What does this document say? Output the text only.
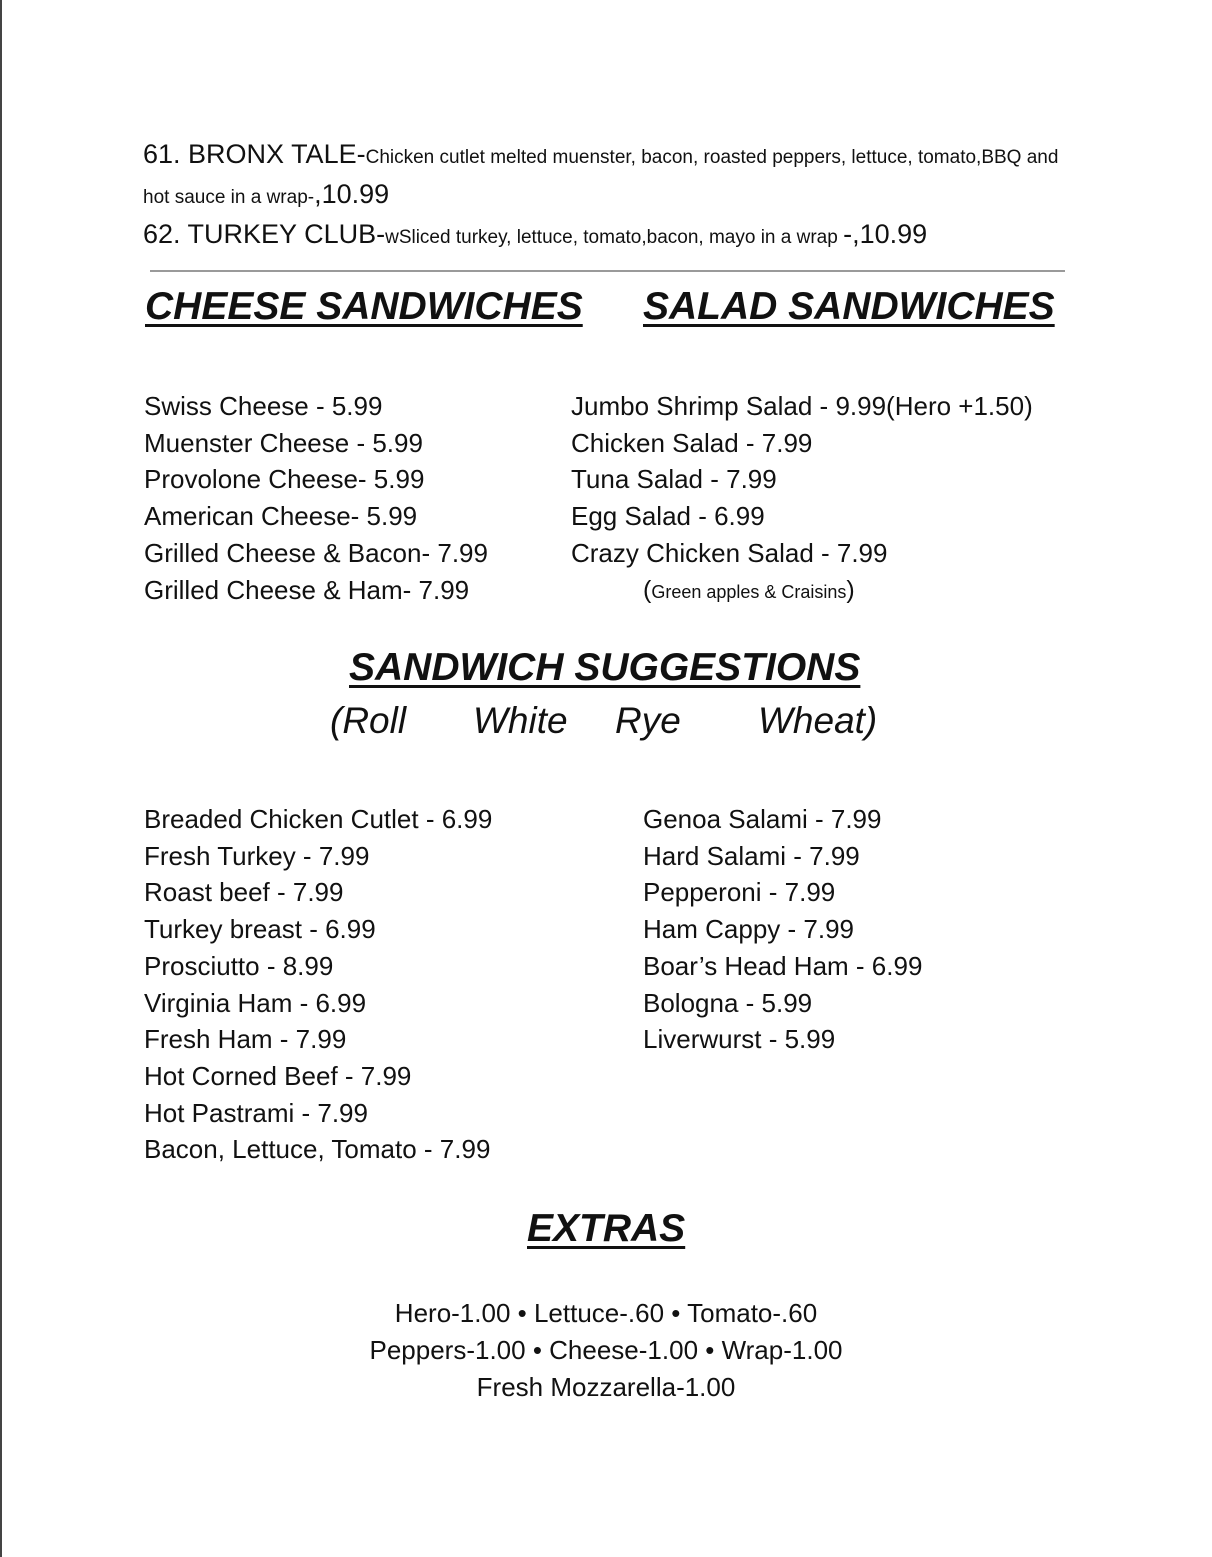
61. BRONX TALE-Chicken cutlet melted muenster, bacon, roasted peppers, lettuce, tomato,BBQ and hot sauce in a wrap-,10.99
62. TURKEY CLUB-wSliced turkey, lettuce, tomato,bacon, mayo in a wrap -,10.99
CHEESE SANDWICHES SALAD SANDWICHES
Swiss Cheese - 5.99
Muenster Cheese - 5.99
Provolone Cheese- 5.99
American Cheese- 5.99
Grilled Cheese & Bacon- 7.99
Grilled Cheese & Ham- 7.99
Jumbo Shrimp Salad - 9.99(Hero +1.50)
Chicken Salad - 7.99
Tuna Salad - 7.99
Egg Salad - 6.99
Crazy Chicken Salad - 7.99
(Green apples & Craisins)
SANDWICH SUGGESTIONS
(Roll White Rye Wheat)
Breaded Chicken Cutlet - 6.99
Fresh Turkey - 7.99
Roast beef - 7.99
Turkey breast - 6.99
Prosciutto - 8.99
Virginia Ham - 6.99
Fresh Ham - 7.99
Hot Corned Beef - 7.99
Hot Pastrami - 7.99
Bacon, Lettuce, Tomato - 7.99
Genoa Salami - 7.99
Hard Salami - 7.99
Pepperoni - 7.99
Ham Cappy - 7.99
Boar’s Head Ham - 6.99
Bologna - 5.99
Liverwurst - 5.99
EXTRAS
Hero-1.00 • Lettuce-.60 • Tomato-.60
Peppers-1.00 • Cheese-1.00 • Wrap-1.00
Fresh Mozzarella-1.00
